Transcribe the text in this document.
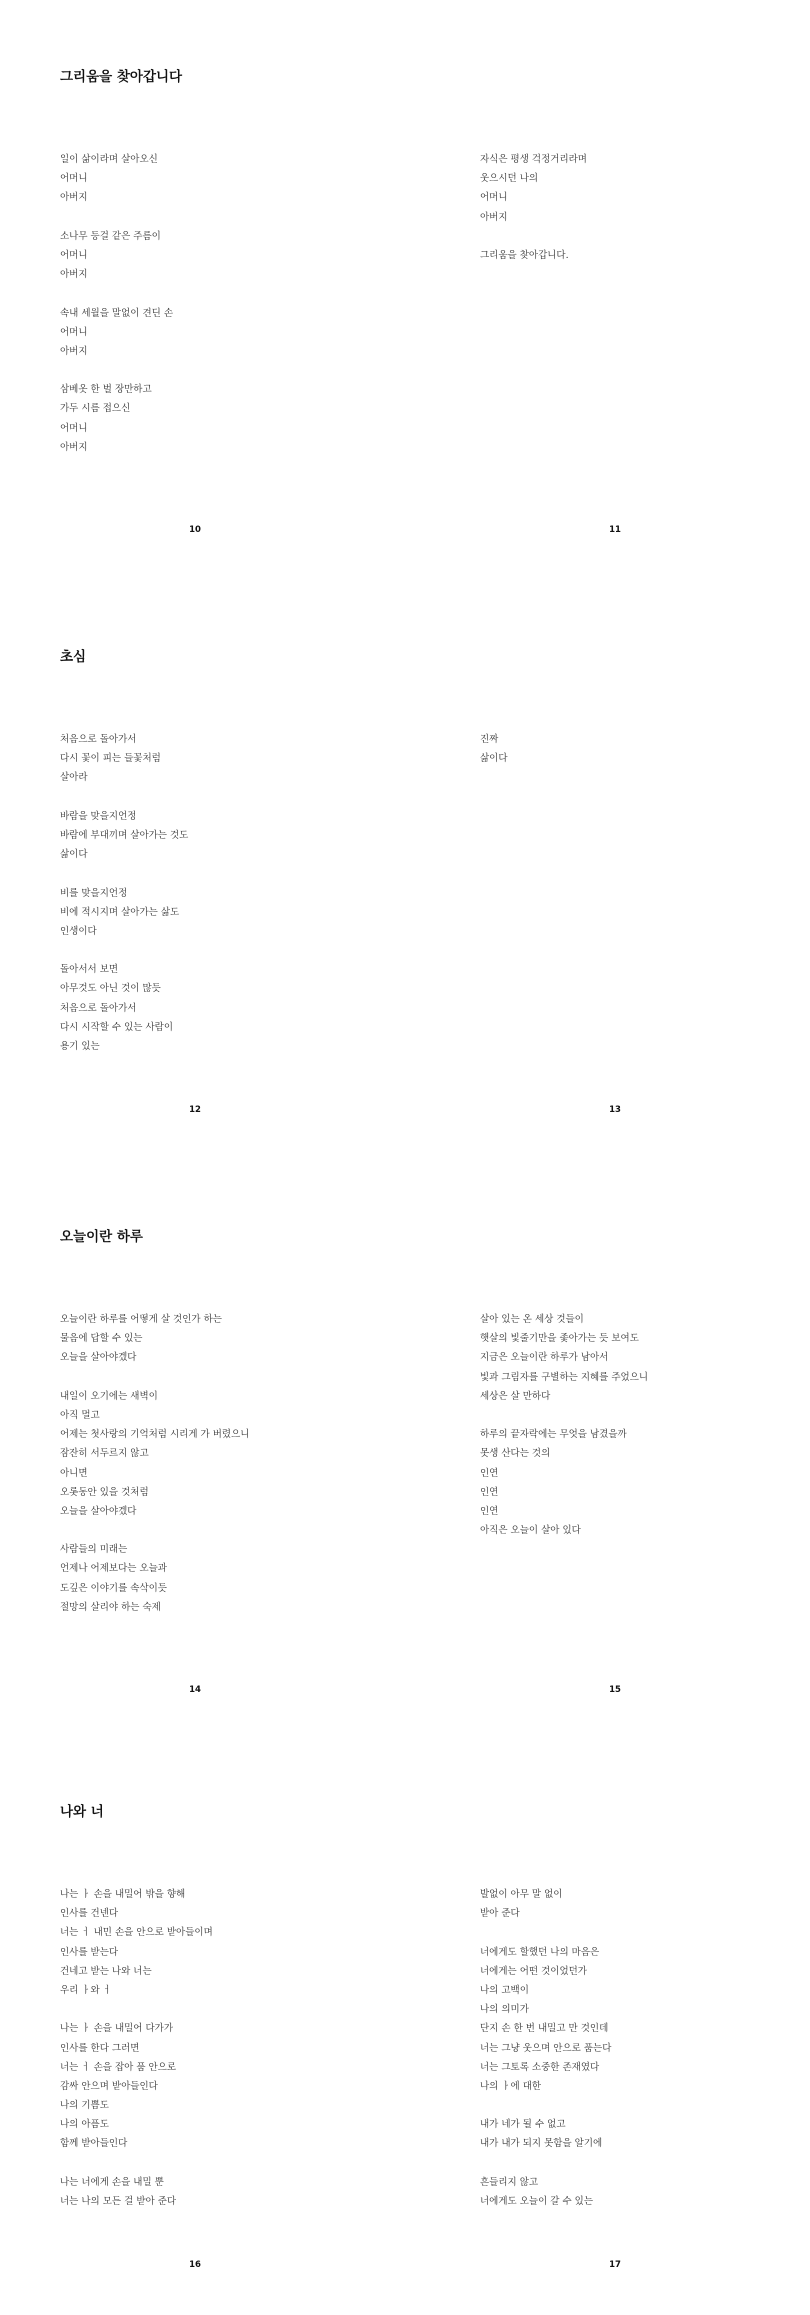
그리움을 찾아갑니다
일이 삶이라며 살아오신
어머니
아버지
소나무 등걸 같은 주름이
어머니
아버지
속내 세월을 말없이 견딘 손
어머니
아버지
삼베옷 한 벌 장만하고
가두 시름 접으신
어머니
아버지
자식은 평생 걱정거리라며
웃으시던 나의
어머니
아버지
그리움을 찾아갑니다.
10	11
초심
처음으로 돌아가서
다시 꽃이 피는 들꽃처럼
살아라
바람을 맞을지언정
바람에 부대끼며 살아가는 것도
삶이다
비를 맞을지언정
비에 적시지며 살아가는 삶도
인생이다
돌아서서 보면
아무것도 아닌 것이 많듯
처음으로 돌아가서
다시 시작할 수 있는 사람이
용기 있는
진짜
삶이다
12	13
오늘이란 하루
오늘이란 하루를 어떻게 살 것인가 하는
물음에 답할 수 있는
오늘을 살아야겠다
내일이 오기에는 새벽이
아직 멀고
어제는 첫사랑의 기억처럼 시리게 가 버렸으니
잠잔히 서두르지 않고
아니면
오롯동안 있을 것처럼
오늘을 살아야겠다
사람들의 미래는
언제나 어제보다는 오늘과
도깊은 이야기를 속삭이듯
절망의 살리야 하는 숙제
살아 있는 온 세상 것들이
햇살의 빛줄기만을 좇아가는 듯 보여도
지금은 오늘이란 하루가 남아서
빛과 그림자를 구별하는 지혜를 주었으니
세상은 살 만하다
하루의 끝자락에는 무엇을 남겼을까
못생 산다는 것의
인연
인연
인연
아직은 오늘이 살아 있다
14	15
나와 너
나는 ㅏ 손을 내밀어 밖을 향해
인사를 건넨다
너는 ㅓ 내민 손을 안으로 받아들이며
인사를 받는다
건네고 받는 나와 너는
우리 ㅏ와 ㅓ
나는 ㅏ 손을 내밀어 다가가
인사를 한다 그러면
너는 ㅓ 손을 잡아 품 안으로
감싸 안으며 받아들인다
나의 기쁨도
나의 아픔도
함께 받아들인다
나는 너에게 손을 내밀 뿐
너는 나의 모든 걸 받아 준다
발없이 아무 말 없이
받아 준다
너에게도 할했던 나의 마음은
너에게는 어떤 것이었던가
나의 고백이
나의 의미가
단지 손 한 번 내밀고 만 것인데
너는 그냥 웃으며 안으로 품는다
너는 그토록 소중한 존재였다
나의 ㅏ에 대한
내가 네가 될 수 없고
내가 내가 되지 못함을 알기에
흔들리지 않고
너에게도 오늘이 갈 수 있는
16	17
